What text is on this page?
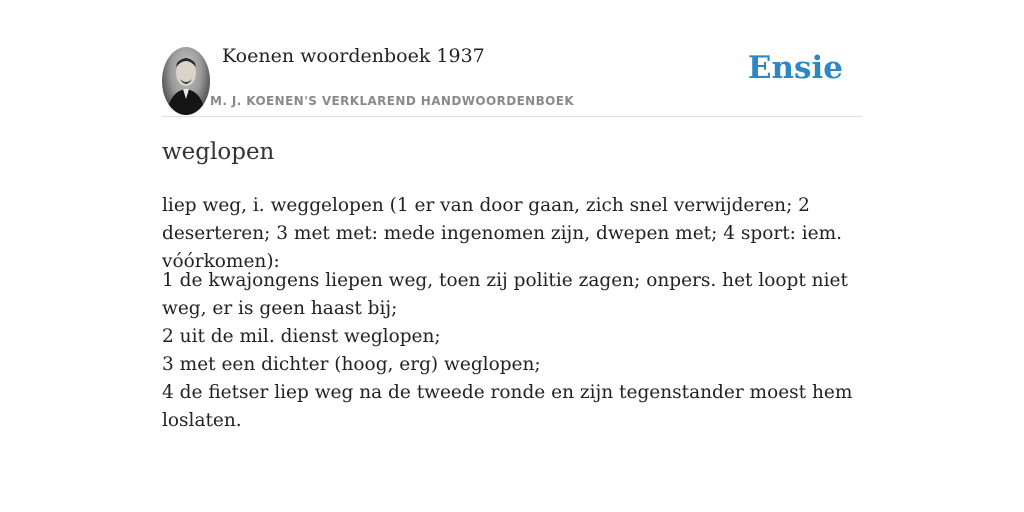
Koenen woordenboek 1937
M. J. KOENEN'S VERKLAREND HANDWOORDENBOEK
Ensie
weglopen

liep weg, i. weggelopen (1 er van door gaan, zich snel verwijderen; 2 deserteren; 3 met met: mede ingenomen zijn, dwepen met; 4 sport: iem. vóórkomen):

1 de kwajongens liepen weg, toen zij politie zagen; onpers. het loopt niet weg, er is geen haast bij;
2 uit de mil. dienst weglopen;
3 met een dichter (hoog, erg) weglopen;
4 de fietser liep weg na de tweede ronde en zijn tegenstander moest hem loslaten.
